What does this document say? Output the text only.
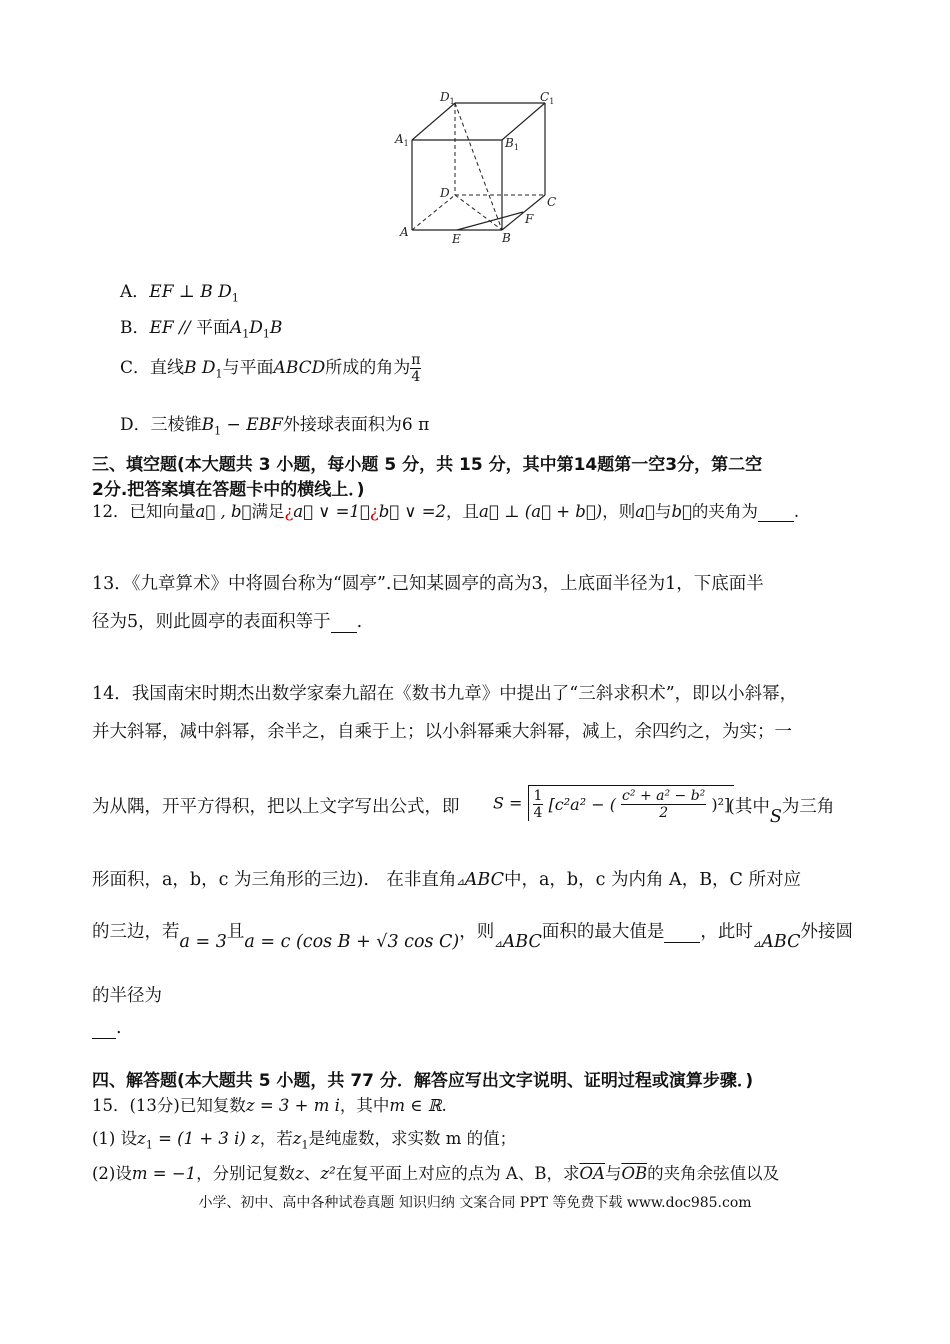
$D_1$	$C_1$
$A_1$	$B_1$
D
C
A	B
E
F
A．EF ⊥ B $D_1$
B．EF // 平面$A_1D_1B$
C．直线B $D_1$与平面ABCD所成的角为 $\frac{\pi}{4}$
D．三棱锥$B_1$ − EBF外接球表面积为6 π
三、填空题(本大题共 3 小题，每小题 5 分，共 15 分，其中第14题第一空3分，第二空
2分.把答案填在答题卡中的横线上．)
12．已知向量a⃗ , b⃗满足¿a⃗ ∨ =1，¿b⃗ ∨ =2，且a⃗ ⊥ (a⃗ + b⃗)，则a⃗与b⃗的夹角为 .
13．《九章算术》中将圆台称为“圆亭”.已知某圆亭的高为3，上底面半径为1，下底面半
径为5，则此圆亭的表面积等于 .
14．我国南宋时期杰出数学家秦九韶在《数书九章》中提出了“三斜求积术”，即以小斜幂，
并大斜幂，减中斜幂，余半之，自乘于上；以小斜幂乘大斜幂，减上，余四约之，为实；一
为从隅，开平方得积，把以上文字写出公式，即 $S = \frac{1}{4} [c^2a^2$ − ( $\frac{\text{c² + a² − b²}}{2} )^2$]
(其中S为三角
形面积，a，b，c 为三角形的三边).　在非直角⊿ABC中，a，b，c 为内角 A，B，C 所对应
的三边，若a = 3且a = c (cos B + √3 cos C)，则$_⊿$ABC面积的最大值是 ，此时$_⊿$ABC外接圆
的半径为
.
四、解答题(本大题共 5 小题，共 77 分．解答应写出文字说明、证明过程或演算步骤．)
15．(13分)已知复数z = 3 + m i，其中m ∈ ℝ.
(1) 设$z_1 = (1 + 3$ i) z，若$z_1$是纯虚数，求实数 m 的值；
(2)设m = −1，分别记复数z、z²在复平面上对应的点为 A、B，求$\overline{OA}$与$\overline{OB}$的夹角余弦值以及
小学、初中、高中各种试卷真题 知识归纳 文案合同 PPT 等免费下载 www.doc985.com
